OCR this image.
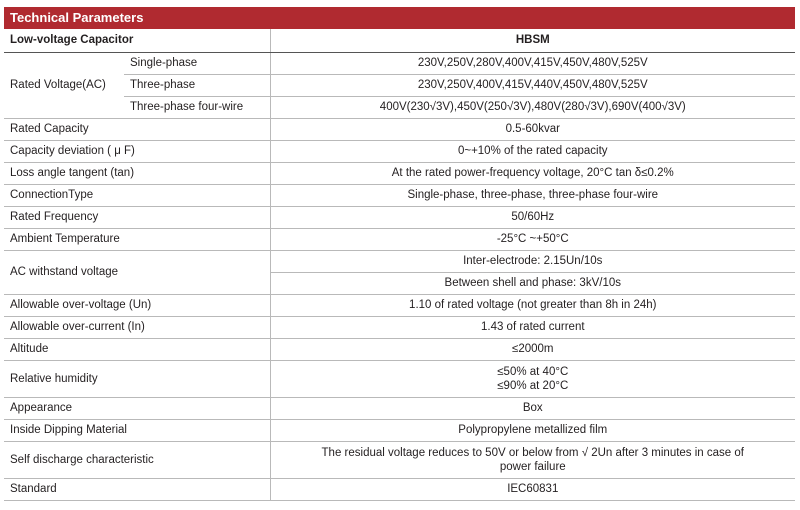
Technical Parameters
Low-voltage Capacitor		HBSM
Rated Voltage(AC)	Single-phase	230V,250V,280V,400V,415V,450V,480V,525V
	Three-phase	230V,250V,400V,415V,440V,450V,480V,525V
	Three-phase four-wire	400V(230√3V),450V(250√3V),480V(280√3V),690V(400√3V)
Rated Capacity		0.5-60kvar
Capacity deviation ( μ F)		0~+10% of the rated capacity
Loss angle tangent (tan)		At the rated power-frequency voltage, 20°C tan δ≤0.2%
ConnectionType		Single-phase, three-phase, three-phase four-wire
Rated Frequency		50/60Hz
Ambient Temperature		-25°C ~+50°C
AC withstand voltage		Inter-electrode: 2.15Un/10s
		Between shell and phase: 3kV/10s
Allowable over-voltage (Un)		1.10 of rated voltage (not greater than 8h in 24h)
Allowable over-current (In)		1.43 of rated current
Altitude		≤2000m
Relative humidity		≤50% at 40°C
≤90% at 20°C

Appearance		Box
Inside Dipping Material		Polypropylene metallized film
Self discharge characteristic		The residual voltage reduces to 50V or below from √ 2Un after 3 minutes in case of
power failure

Standard		IEC60831
